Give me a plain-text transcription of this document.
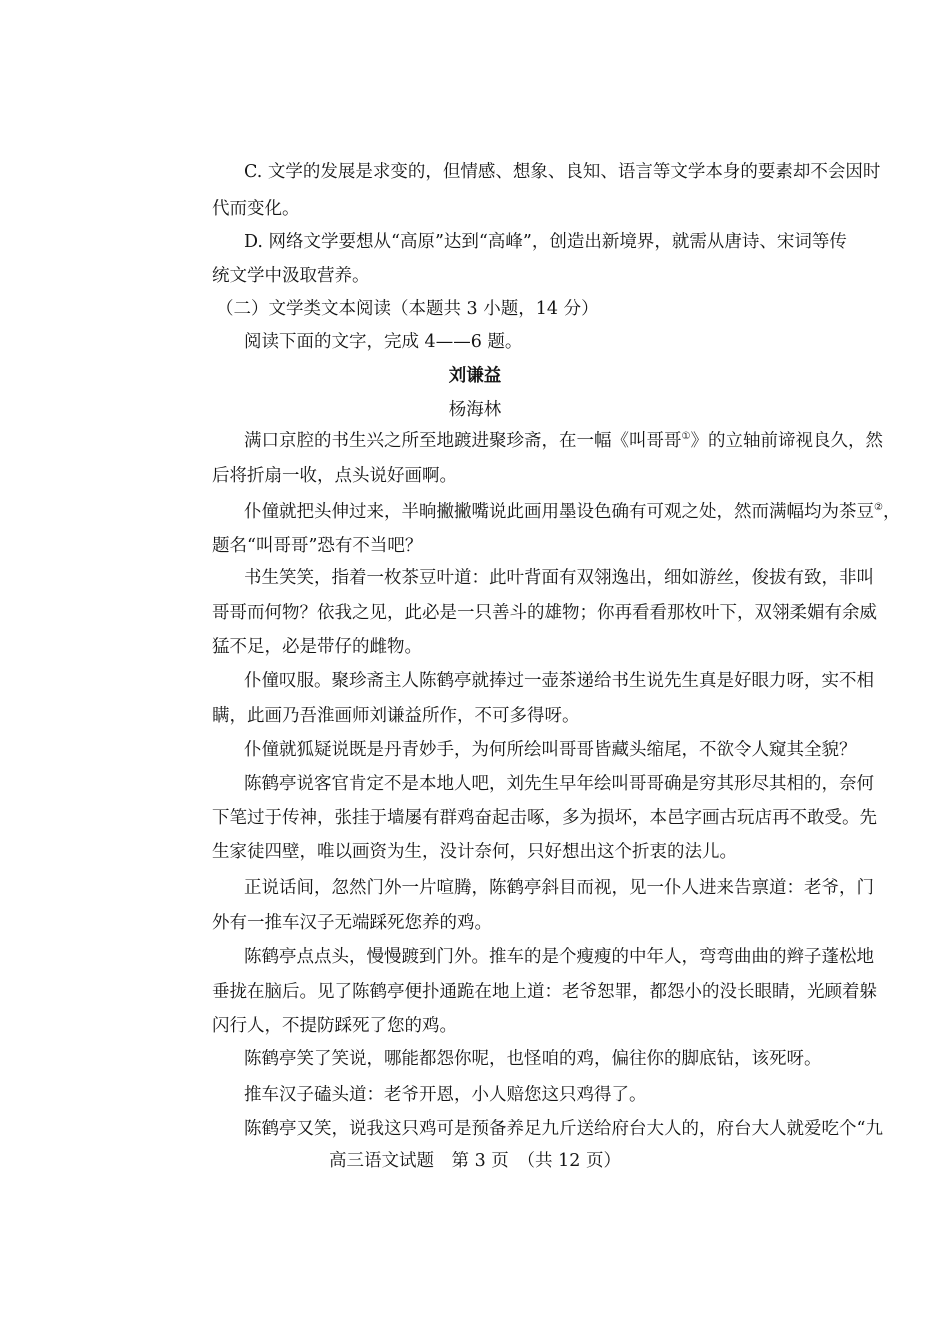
C. 文学的发展是求变的，但情感、想象、良知、语言等文学本身的要素却不会因时
代而变化。
D. 网络文学要想从“高原”达到“高峰”，创造出新境界，就需从唐诗、宋词等传
统文学中汲取营养。
（二）文学类文本阅读（本题共 3 小题，14 分）
阅读下面的文字，完成 4——6 题。
刘谦益
杨海林
满口京腔的书生兴之所至地踱进聚珍斋，在一幅《叫哥哥①》的立轴前谛视良久，然
后将折扇一收，点头说好画啊。
仆僮就把头伸过来，半晌撇撇嘴说此画用墨设色确有可观之处，然而满幅均为茶豆②，
题名“叫哥哥”恐有不当吧？
书生笑笑，指着一枚茶豆叶道：此叶背面有双翎逸出，细如游丝，俊拔有致，非叫
哥哥而何物？依我之见，此必是一只善斗的雄物；你再看看那枚叶下，双翎柔媚有余威
猛不足，必是带仔的雌物。
仆僮叹服。聚珍斋主人陈鹤亭就捧过一壶茶递给书生说先生真是好眼力呀，实不相
瞒，此画乃吾淮画师刘谦益所作，不可多得呀。
仆僮就狐疑说既是丹青妙手，为何所绘叫哥哥皆藏头缩尾，不欲令人窥其全貌？
陈鹤亭说客官肯定不是本地人吧，刘先生早年绘叫哥哥确是穷其形尽其相的，奈何
下笔过于传神，张挂于墙屡有群鸡奋起击啄，多为损坏，本邑字画古玩店再不敢受。先
生家徒四壁，唯以画资为生，没计奈何，只好想出这个折衷的法儿。
正说话间，忽然门外一片喧腾，陈鹤亭斜目而视，见一仆人进来告禀道：老爷，门
外有一推车汉子无端踩死您养的鸡。
陈鹤亭点点头，慢慢踱到门外。推车的是个瘦瘦的中年人，弯弯曲曲的辫子蓬松地
垂拢在脑后。见了陈鹤亭便扑通跪在地上道：老爷恕罪，都怨小的没长眼睛，光顾着躲
闪行人，不提防踩死了您的鸡。
陈鹤亭笑了笑说，哪能都怨你呢，也怪咱的鸡，偏往你的脚底钻，该死呀。
推车汉子磕头道：老爷开恩，小人赔您这只鸡得了。
陈鹤亭又笑，说我这只鸡可是预备养足九斤送给府台大人的，府台大人就爱吃个“九
高三语文试题　第 3 页　（共 12 页）
